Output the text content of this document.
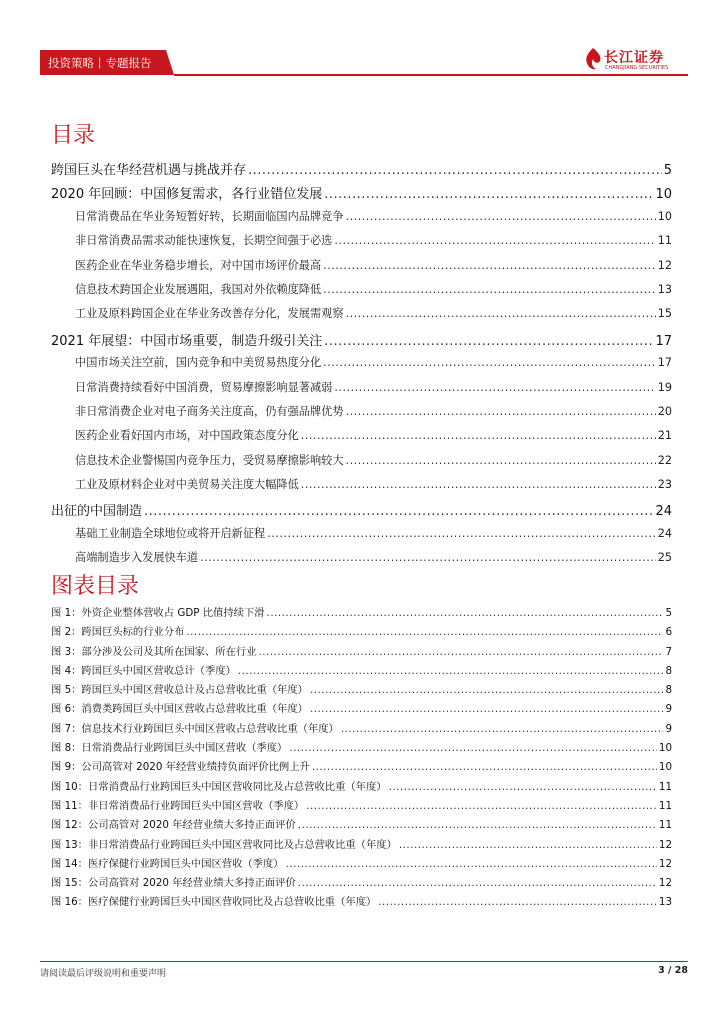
投资策略丨专题报告	长江证券
CHANGJIANG SECURITIES
目录
跨国巨头在华经营机遇与挑战并存 .....	5
2020 年回顾：中国修复需求，各行业错位发展 .....	10
日常消费品在华业务短暂好转，长期面临国内品牌竞争 .....	10
非日常消费品需求动能快速恢复，长期空间强于必选 .....	11
医药企业在华业务稳步增长，对中国市场评价最高 .....	12
信息技术跨国企业发展遇阻，我国对外依赖度降低 .....	13
工业及原料跨国企业在华业务改善存分化，发展需观察 .....	15
2021 年展望：中国市场重要，制造升级引关注 .....	17
中国市场关注空前，国内竞争和中美贸易热度分化 .....	17
日常消费持续看好中国消费，贸易摩擦影响显著减弱 .....	19
非日常消费企业对电子商务关注度高，仍有强品牌优势 .....	20
医药企业看好国内市场，对中国政策态度分化 .....	21
信息技术企业警惕国内竞争压力，受贸易摩擦影响较大 .....	22
工业及原材料企业对中美贸易关注度大幅降低 .....	23
出征的中国制造 .....	24
基础工业制造全球地位或将开启新征程 .....	24
高端制造步入发展快车道 .....	25
图表目录
图 1：外资企业整体营收占 GDP 比值持续下滑 .....	5
图 2：跨国巨头标的行业分布 .....	6
图 3：部分涉及公司及其所在国家、所在行业 .....	7
图 4：跨国巨头中国区营收总计（季度） .....	8
图 5：跨国巨头中国区营收总计及占总营收比重（年度） .....	8
图 6：消费类跨国巨头中国区营收占总营收比重（年度） .....	9
图 7：信息技术行业跨国巨头中国区营收占总营收比重（年度） .....	9
图 8：日常消费品行业跨国巨头中国区营收（季度） .....	10
图 9：公司高管对 2020 年经营业绩持负面评价比例上升 .....	10
图 10：日常消费品行业跨国巨头中国区营收同比及占总营收比重（年度） .....	11
图 11：非日常消费品行业跨国巨头中国区营收（季度） .....	11
图 12：公司高管对 2020 年经营业绩大多持正面评价 .....	11
图 13：非日常消费品行业跨国巨头中国区营收同比及占总营收比重（年度） .....	12
图 14：医疗保健行业跨国巨头中国区营收（季度） .....	12
图 15：公司高管对 2020 年经营业绩大多持正面评价 .....	12
图 16：医疗保健行业跨国巨头中国区营收同比及占总营收比重（年度） .....	13
请阅读最后评级说明和重要声明	3 / 28
